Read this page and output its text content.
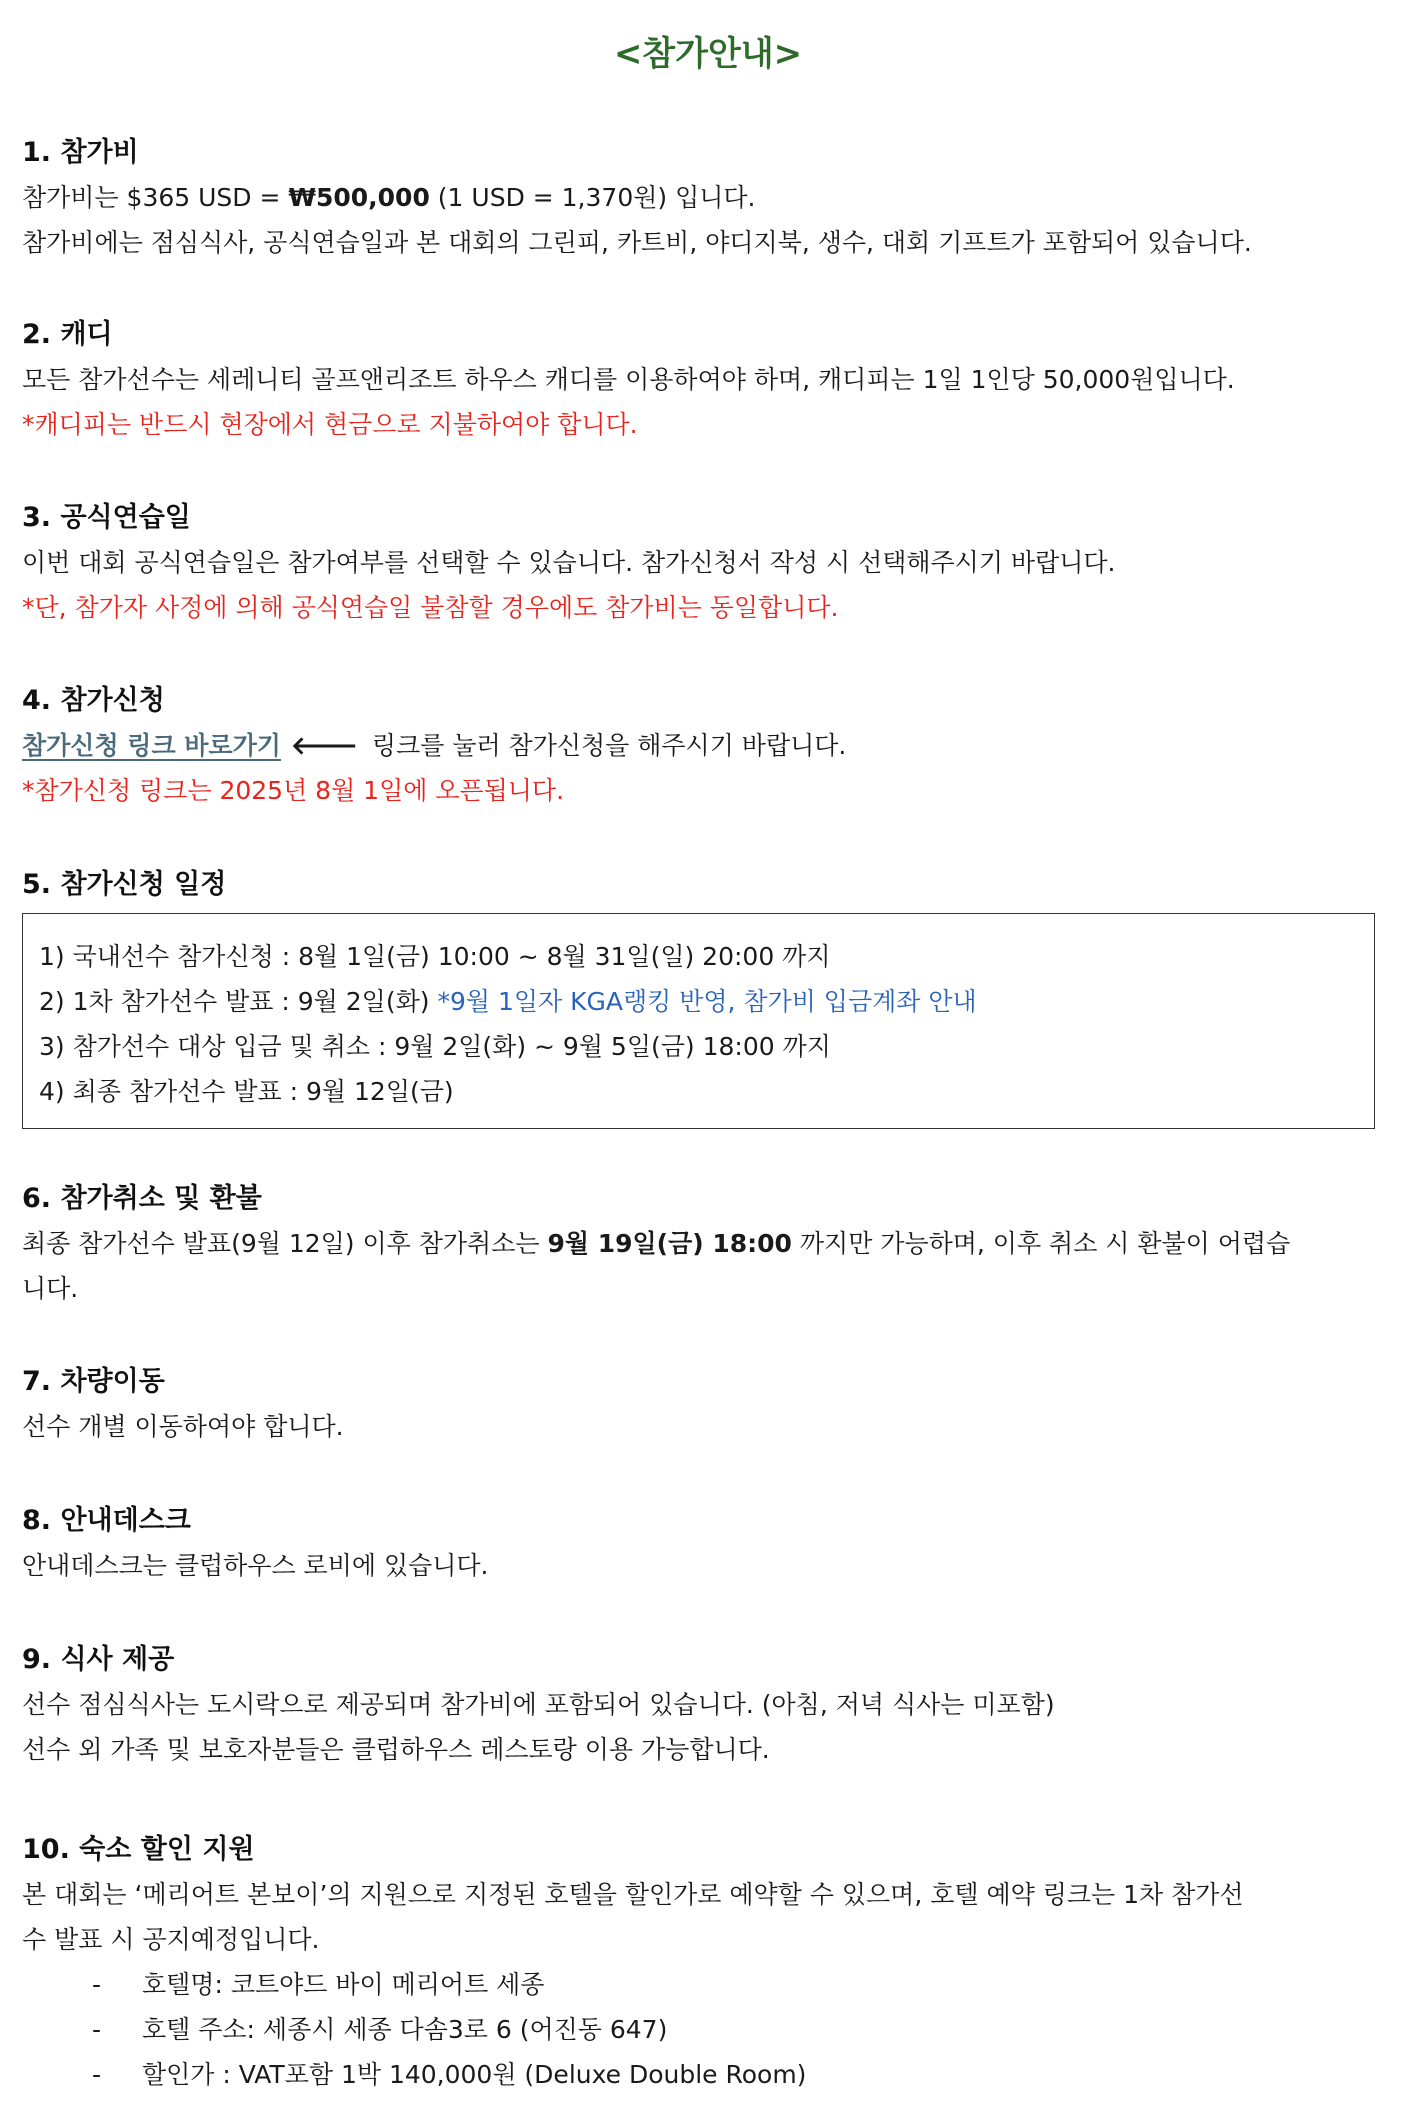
<참가안내>

1. 참가비

참가비는 $365 USD = ₩500,000 (1 USD = 1,370원) 입니다.

참가비에는 점심식사, 공식연습일과 본 대회의 그린피, 카트비, 야디지북, 생수, 대회 기프트가 포함되어 있습니다.

2. 캐디

모든 참가선수는 세레니티 골프앤리조트 하우스 캐디를 이용하여야 하며, 캐디피는 1일 1인당 50,000원입니다.

*캐디피는 반드시 현장에서 현금으로 지불하여야 합니다.

3. 공식연습일

이번 대회 공식연습일은 참가여부를 선택할 수 있습니다. 참가신청서 작성 시 선택해주시기 바랍니다.

*단, 참가자 사정에 의해 공식연습일 불참할 경우에도 참가비는 동일합니다.

4. 참가신청

참가신청 링크 바로가기 🡐 링크를 눌러 참가신청을 해주시기 바랍니다.

*참가신청 링크는 2025년 8월 1일에 오픈됩니다.

5. 참가신청 일정

1) 국내선수 참가신청 : 8월 1일(금) 10:00 ~ 8월 31일(일) 20:00 까지

2) 1차 참가선수 발표 : 9월 2일(화) *9월 1일자 KGA랭킹 반영, 참가비 입금계좌 안내

3) 참가선수 대상 입금 및 취소 : 9월 2일(화) ~ 9월 5일(금) 18:00 까지

4) 최종 참가선수 발표 : 9월 12일(금)

6. 참가취소 및 환불

최종 참가선수 발표(9월 12일) 이후 참가취소는 9월 19일(금) 18:00 까지만 가능하며, 이후 취소 시 환불이 어렵습

니다.

7. 차량이동

선수 개별 이동하여야 합니다.

8. 안내데스크

안내데스크는 클럽하우스 로비에 있습니다.

9. 식사 제공

선수 점심식사는 도시락으로 제공되며 참가비에 포함되어 있습니다. (아침, 저녁 식사는 미포함)

선수 외 가족 및 보호자분들은 클럽하우스 레스토랑 이용 가능합니다.

10. 숙소 할인 지원

본 대회는 ‘메리어트 본보이’의 지원으로 지정된 호텔을 할인가로 예약할 수 있으며, 호텔 예약 링크는 1차 참가선

수 발표 시 공지예정입니다.

-	호텔명: 코트야드 바이 메리어트 세종
-	호텔 주소: 세종시 세종 다솜3로 6 (어진동 647)
-	할인가 : VAT포함 1박 140,000원 (Deluxe Double Room)
